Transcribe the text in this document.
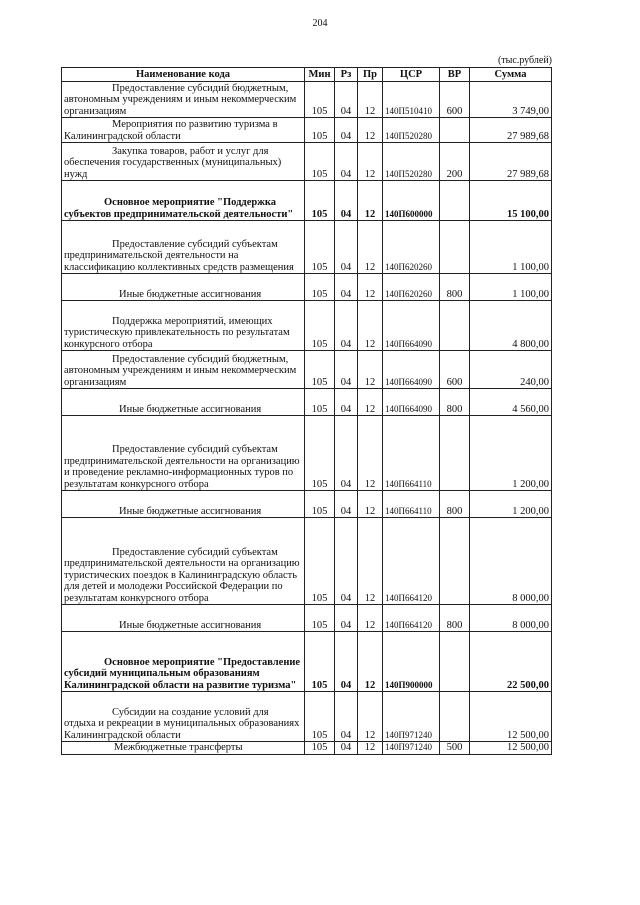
204
(тыс.рублей)
Наименование кода	Мин	Рз	Пр	ЦСР	ВР	Сумма
Предоставление субсидий бюджетным, автономным учреждениям и иным некоммерческим организациям	105	04	12	140П510410	600	3 749,00
Мероприятия по развитию туризма в Калининградской области	105	04	12	140П520280		27 989,68
Закупка товаров, работ и услуг для обеспечения государственных (муниципальных) нужд	105	04	12	140П520280	200	27 989,68
Основное мероприятие "Поддержка субъектов предпринимательской деятельности"	105	04	12	140П600000		15 100,00
Предоставление субсидий субъектам предпринимательской деятельности на классификацию коллективных средств размещения	105	04	12	140П620260		1 100,00
Иные бюджетные ассигнования	105	04	12	140П620260	800	1 100,00
Поддержка мероприятий, имеющих туристическую привлекательность по результатам конкурсного отбора	105	04	12	140П664090		4 800,00
Предоставление субсидий бюджетным, автономным учреждениям и иным некоммерческим организациям	105	04	12	140П664090	600	240,00
Иные бюджетные ассигнования	105	04	12	140П664090	800	4 560,00
Предоставление субсидий субъектам предпринимательской деятельности на организацию и проведение рекламно-информационных туров по результатам конкурсного отбора	105	04	12	140П664110		1 200,00
Иные бюджетные ассигнования	105	04	12	140П664110	800	1 200,00
Предоставление субсидий субъектам предпринимательской деятельности на организацию туристических поездок в Калининградскую область для детей и молодежи Российской Федерации по результатам конкурсного отбора	105	04	12	140П664120		8 000,00
Иные бюджетные ассигнования	105	04	12	140П664120	800	8 000,00
Основное мероприятие "Предоставление субсидий муниципальным образованиям Калининградской области на развитие туризма"	105	04	12	140П900000		22 500,00
Субсидии на создание условий для отдыха и рекреации в муниципальных образованиях Калининградской области	105	04	12	140П971240		12 500,00
Межбюджетные трансферты	105	04	12	140П971240	500	12 500,00
